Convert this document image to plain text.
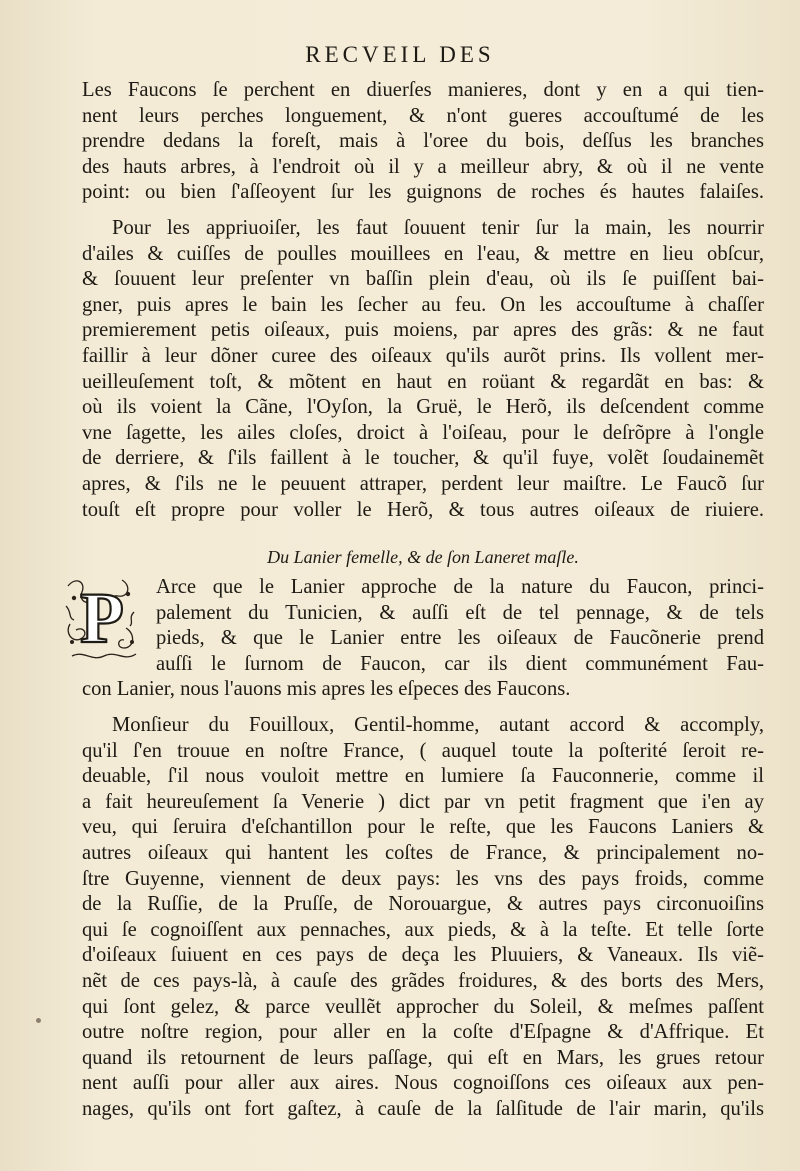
RECVEIL DES
Les Faucons ſe perchent en diuerſes manieres, dont y en a qui tien-
nent leurs perches longuement, & n'ont gueres accouſtumé de les
prendre dedans la foreſt, mais à l'oree du bois, deſſus les branches
des hauts arbres, à l'endroit où il y a meilleur abry, & où il ne vente
point: ou bien ſ'aſſeoyent ſur les guignons de roches és hautes falaiſes.
Pour les appriuoiſer, les faut ſouuent tenir ſur la main, les nourrir
d'ailes & cuiſſes de poulles mouillees en l'eau, & mettre en lieu obſcur,
& ſouuent leur preſenter vn baſſin plein d'eau, où ils ſe puiſſent bai-
gner, puis apres le bain les ſecher au feu. On les accouſtume à chaſſer
premierement petis oiſeaux, puis moiens, par apres des grãs: & ne faut
faillir à leur dõner curee des oiſeaux qu'ils aurõt prins. Ils vollent mer-
ueilleuſement toſt, & mõtent en haut en roüant & regardãt en bas: &
où ils voient la Cãne, l'Oyſon, la Gruë, le Herõ, ils deſcendent comme
vne ſagette, les ailes cloſes, droict à l'oiſeau, pour le deſrõpre à l'ongle
de derriere, & ſ'ils faillent à le toucher, & qu'il fuye, volẽt ſoudainemẽt
apres, & ſ'ils ne le peuuent attraper, perdent leur maiſtre. Le Faucõ ſur
touſt eſt propre pour voller le Herõ, & tous autres oiſeaux de riuiere.
Du Lanier femelle, & de ſon Laneret maſle.
P	Arce que le Lanier approche de la nature du Faucon, princi-
palement du Tunicien, & auſſi eſt de tel pennage, & de tels
pieds, & que le Lanier entre les oiſeaux de Faucõnerie prend
auſſi le ſurnom de Faucon, car ils dient communément Fau-
con Lanier, nous l'auons mis apres les eſpeces des Faucons.
Monſieur du Fouilloux, Gentil-homme, autant accord & accomply,
qu'il ſ'en trouue en noſtre France, ( auquel toute la poſterité ſeroit re-
deuable, ſ'il nous vouloit mettre en lumiere ſa Fauconnerie, comme il
a fait heureuſement ſa Venerie ) dict par vn petit fragment que i'en ay
veu, qui ſeruira d'eſchantillon pour le reſte, que les Faucons Laniers &
autres oiſeaux qui hantent les coſtes de France, & principalement no-
ſtre Guyenne, viennent de deux pays: les vns des pays froids, comme
de la Ruſſie, de la Pruſſe, de Norouargue, & autres pays circonuoiſins
qui ſe cognoiſſent aux pennaches, aux pieds, & à la teſte. Et telle ſorte
d'oiſeaux ſuiuent en ces pays de deça les Pluuiers, & Vaneaux. Ils viẽ-
nẽt de ces pays-là, à cauſe des grãdes froidures, & des borts des Mers,
qui ſont gelez, & parce veullẽt approcher du Soleil, & meſmes paſſent
outre noſtre region, pour aller en la coſte d'Eſpagne & d'Affrique. Et
quand ils retournent de leurs paſſage, qui eſt en Mars, les grues retour
nent auſſi pour aller aux aires. Nous cognoiſſons ces oiſeaux aux pen-
nages, qu'ils ont fort gaſtez, à cauſe de la ſalſitude de l'air marin, qu'ils
